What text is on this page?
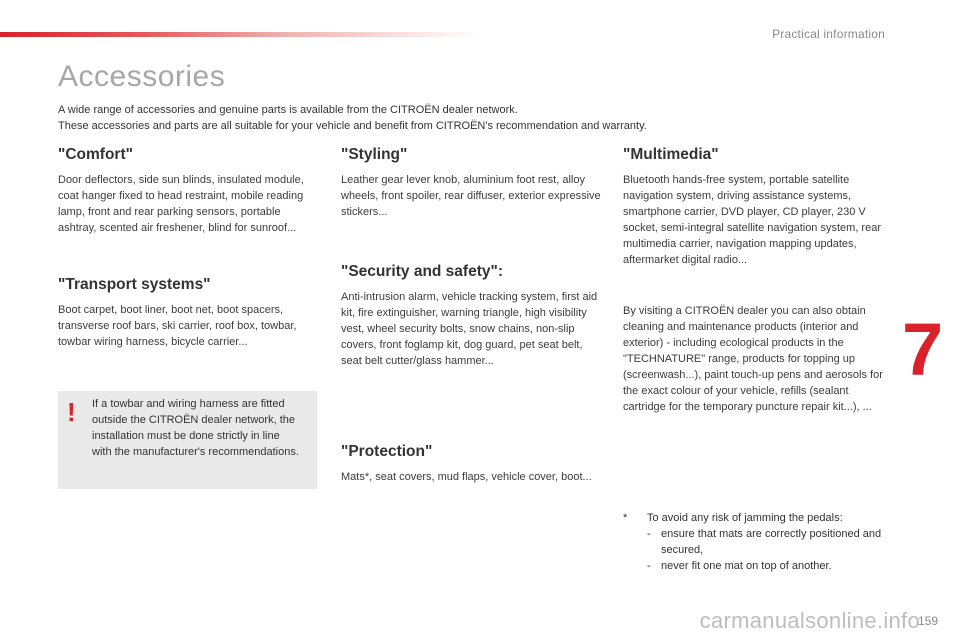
Practical information
Accessories

A wide range of accessories and genuine parts is available from the CITROËN dealer network.

These accessories and parts are all suitable for your vehicle and benefit from CITROËN's recommendation and warranty.

"Comfort"

Door deflectors, side sun blinds, insulated module, coat hanger fixed to head restraint, mobile reading lamp, front and rear parking sensors, portable ashtray, scented air freshener, blind for sunroof...

"Transport systems"

Boot carpet, boot liner, boot net, boot spacers, transverse roof bars, ski carrier, roof box, towbar, towbar wiring harness, bicycle carrier...

! If a towbar and wiring harness are fitted outside the CITROËN dealer network, the installation must be done strictly in line with the manufacturer's recommendations.
"Styling"

Leather gear lever knob, aluminium foot rest, alloy wheels, front spoiler, rear diffuser, exterior expressive stickers...

"Security and safety":

Anti-intrusion alarm, vehicle tracking system, first aid kit, fire extinguisher, warning triangle, high visibility vest, wheel security bolts, snow chains, non-slip covers, front foglamp kit, dog guard, pet seat belt, seat belt cutter/glass hammer...

"Protection"

Mats*, seat covers, mud flaps, vehicle cover, boot...

"Multimedia"

Bluetooth hands-free system, portable satellite navigation system, driving assistance systems, smartphone carrier, DVD player, CD player, 230 V socket, semi-integral satellite navigation system, rear multimedia carrier, navigation mapping updates, aftermarket digital radio...

By visiting a CITROËN dealer you can also obtain cleaning and maintenance products (interior and exterior) - including ecological products in the "TECHNATURE" range, products for topping up (screenwash...), paint touch-up pens and aerosols for the exact colour of your vehicle, refills (sealant cartridge for the temporary puncture repair kit...), ...

* To avoid any risk of jamming the pedals:
- ensure that mats are correctly positioned and secured,
- never fit one mat on top of another.
7
carmanualsonline.info
159
